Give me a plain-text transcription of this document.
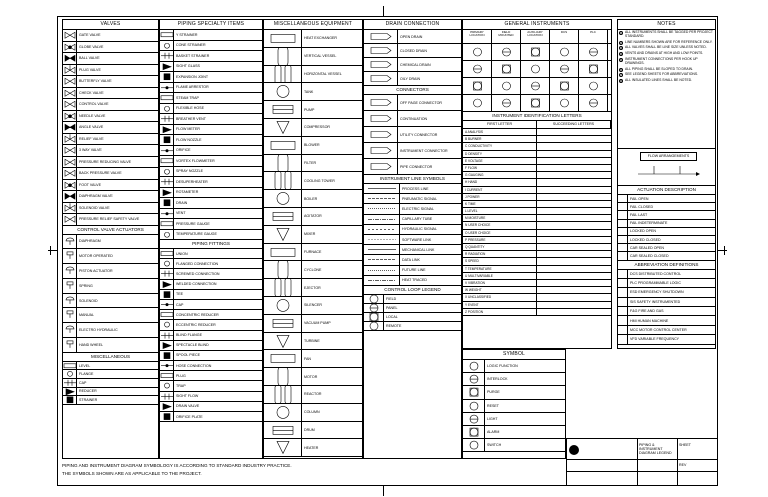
VALVES
GATE VALVE
GLOBE VALVE
BALL VALVE
PLUG VALVE
BUTTERFLY VALVE
CHECK VALVE
CONTROL VALVE
NEEDLE VALVE
ANGLE VALVE
RELIEF VALVE
3 WAY VALVE
PRESSURE REDUCING VALVE
BACK PRESSURE VALVE
FOOT VALVE
DIAPHRAGM VALVE
SOLENOID VALVE
PRESSURE RELIEF SAFETY VALVE
CONTROL VALVE ACTUATORS
DIAPHRAGM
MOTOR OPERATED
PISTON ACTUATOR
SPRING
SOLENOID
MANUAL
ELECTRO HYDRAULIC
HAND WHEEL
MISCELLANEOUS
LEVEL
FLANGE
CAP
REDUCER
STRAINER
PIPING SPECIALTY ITEMS
Y STRAINER
CONE STRAINER
BASKET STRAINER
SIGHT GLASS
EXPANSION JOINT
FLAME ARRESTOR
STEAM TRAP
FLEXIBLE HOSE
BREATHER VENT
FLOW METER
FLOW NOZZLE
ORIFICE
VORTEX FLOWMETER
SPRAY NOZZLE
DESUPERHEATER
ROTAMETER
DRAIN
VENT
PRESSURE GAUGE
TEMPERATURE GAUGE
PIPING FITTINGS
UNION
FLANGED CONNECTION
SCREWED CONNECTION
WELDED CONNECTION
TEE
CAP
CONCENTRIC REDUCER
ECCENTRIC REDUCER
BLIND FLANGE
SPECTACLE BLIND
SPOOL PIECE
HOSE CONNECTION
PLUG
TRAP
SIGHT FLOW
DRAIN VALVE
ORIFICE PLATE
MISCELLANEOUS EQUIPMENT
HEAT EXCHANGER
VERTICAL VESSEL
HORIZONTAL VESSEL
TANK
PUMP
COMPRESSOR
BLOWER
FILTER
COOLING TOWER
BOILER
AGITATOR
MIXER
FURNACE
CYCLONE
EJECTOR
SILENCER
VACUUM PUMP
TURBINE
FAN
MOTOR
REACTOR
COLUMN
DRUM
HEATER
DRAIN CONNECTION
OPEN DRAIN
CLOSED DRAIN
CHEMICAL DRAIN
OILY DRAIN
CONNECTORS
OFF PAGE CONNECTOR
CONTINUATION
UTILITY CONNECTOR
INSTRUMENT CONNECTOR
PIPE CONNECTOR
INSTRUMENT LINE SYMBOLS
PROCESS LINE
PNEUMATIC SIGNAL
ELECTRIC SIGNAL
CAPILLARY TUBE
HYDRAULIC SIGNAL
SOFTWARE LINK
MECHANICAL LINK
DATA LINK
FUTURE LINE
HEAT TRACED
CONTROL LOOP LEGEND
FIELD
PANEL
LOCAL
REMOTE
GENERAL INSTRUMENTS
PRIMARY LOCATION
FIELD MOUNTED
AUXILIARY LOCATION
DCS	PLC
INSTRUMENT IDENTIFICATION LETTERS
FIRST LETTER	SUCCEEDING LETTERS
A ANALYSIS
B BURNER
C CONDUCTIVITY
D DENSITY
E VOLTAGE
F FLOW
G GAUGING
H HAND
I CURRENT
J POWER
K TIME
L LEVEL
M MOISTURE
N USER CHOICE
O USER CHOICE
P PRESSURE
Q QUANTITY
R RADIATION
S SPEED
T TEMPERATURE
U MULTIVARIABLE
V VIBRATION
W WEIGHT
X UNCLASSIFIED
Y EVENT
Z POSITION
SYMBOL
LOGIC FUNCTION
INTERLOCK
PURGE
RESET
LIGHT
ALARM
SWITCH
NOTES
1 ALL INSTRUMENTS SHALL BE TAGGED PER PROJECT STANDARD.
2 LINE NUMBERS SHOWN ARE FOR REFERENCE ONLY.
3 ALL VALVES SHALL BE LINE SIZE UNLESS NOTED.
4 VENTS AND DRAINS AT HIGH AND LOW POINTS.
5 INSTRUMENT CONNECTIONS PER HOOK UP DRAWINGS.
6 ALL PIPING SHALL BE SLOPED TO DRAIN.
7 SEE LEGEND SHEETS FOR ABBREVIATIONS.
8 ALL INSULATED LINES SHALL BE NOTED.
FLOW ARRANGEMENTS
ACTUATION DESCRIPTION
FAIL OPEN
FAIL CLOSED
FAIL LAST
FAIL INDETERMINATE
LOCKED OPEN
LOCKED CLOSED
CAR SEALED OPEN
CAR SEALED CLOSED
ABBREVIATION DEFINITIONS
DCS DISTRIBUTED CONTROL
PLC PROGRAMMABLE LOGIC
ESD EMERGENCY SHUTDOWN
SIS SAFETY INSTRUMENTED
F&G FIRE AND GAS
HMI HUMAN MACHINE
MCC MOTOR CONTROL CENTER
VFD VARIABLE FREQUENCY
PIPING AND INSTRUMENT DIAGRAM SYMBOLOGY IS ACCORDING TO STANDARD INDUSTRY PRACTICE.
THE SYMBOLS SHOWN ARE AS APPLICABLE TO THE PROJECT.
PIPING & INSTRUMENT DIAGRAM LEGEND
SHEET
REV
